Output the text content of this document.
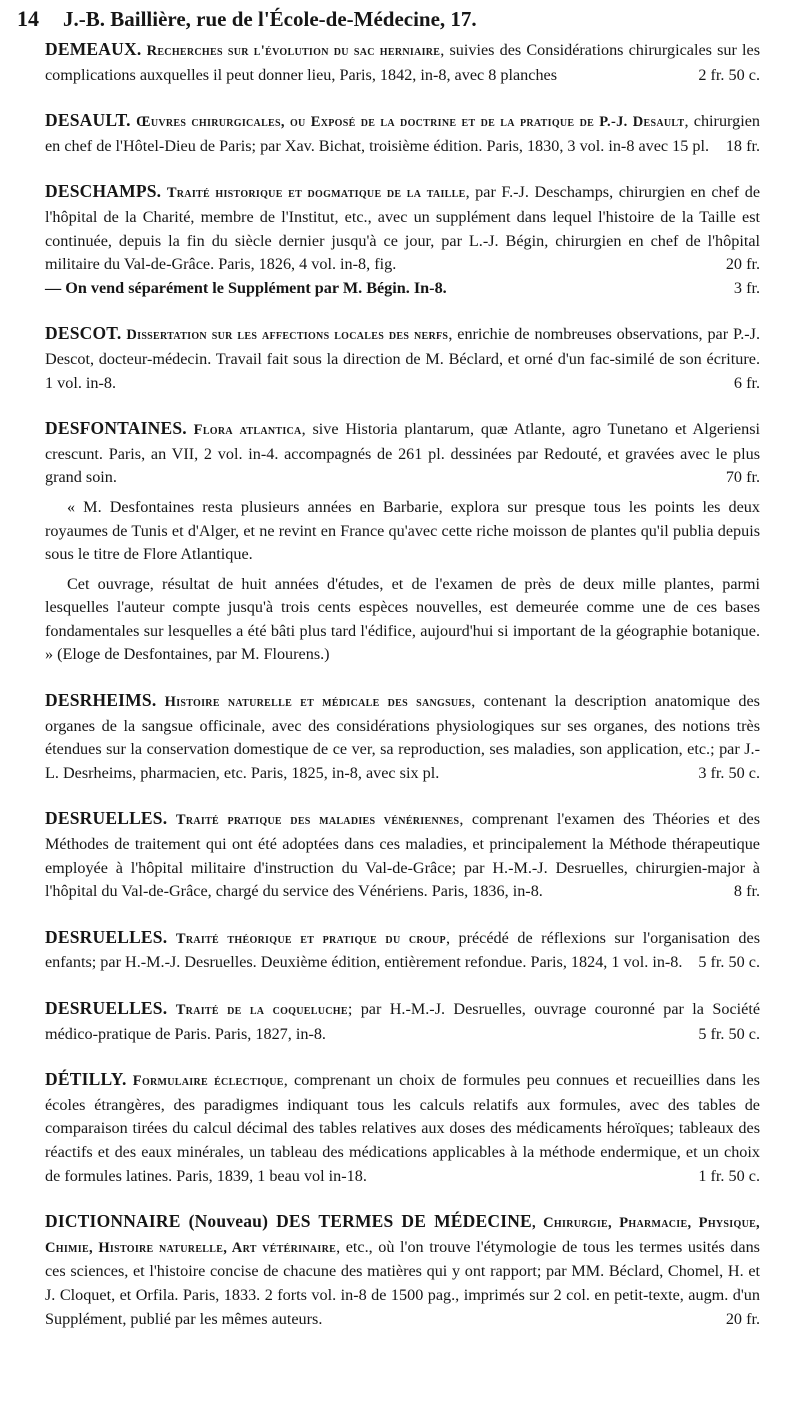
14 J.-B. Baillière, rue de l'École-de-Médecine, 17.
DEMEAUX. Recherches sur l'évolution du sac herniaire, suivies des Considérations chirurgicales sur les complications auxquelles il peut donner lieu, Paris, 1842, in-8, avec 8 planches	2 fr. 50 c.
DESAULT. Œuvres chirurgicales, ou Exposé de la doctrine et de la pratique de P.-J. Desault, chirurgien en chef de l'Hôtel-Dieu de Paris; par Xav. Bichat, troisième édition. Paris, 1830, 3 vol. in-8 avec 15 pl.	18 fr.

DESCHAMPS. Traité historique et dogmatique de la taille, par F.-J. Deschamps, chirurgien en chef de l'hôpital de la Charité, membre de l'Institut, etc., avec un supplément dans lequel l'histoire de la Taille est continuée, depuis la fin du siècle dernier jusqu'à ce jour, par L.-J. Bégin, chirurgien en chef de l'hôpital militaire du Val-de-Grâce. Paris, 1826, 4 vol. in-8, fig.	20 fr.

— On vend séparément le Supplément par M. Bégin. In-8.	3 fr.

DESCOT. Dissertation sur les affections locales des nerfs, enrichie de nombreuses observations, par P.-J. Descot, docteur-médecin. Travail fait sous la direction de M. Béclard, et orné d'un fac-similé de son écriture. 1 vol. in-8.	6 fr.

DESFONTAINES. Flora atlantica, sive Historia plantarum, quæ Atlante, agro Tunetano et Algeriensi crescunt. Paris, an VII, 2 vol. in-4. accompagnés de 261 pl. dessinées par Redouté, et gravées avec le plus grand soin.	70 fr.

« M. Desfontaines resta plusieurs années en Barbarie, explora sur presque tous les points les deux royaumes de Tunis et d'Alger, et ne revint en France qu'avec cette riche moisson de plantes qu'il publia depuis sous le titre de Flore Atlantique.

Cet ouvrage, résultat de huit années d'études, et de l'examen de près de deux mille plantes, parmi lesquelles l'auteur compte jusqu'à trois cents espèces nouvelles, est demeurée comme une de ces bases fondamentales sur lesquelles a été bâti plus tard l'édifice, aujourd'hui si important de la géographie botanique. » (Eloge de Desfontaines, par M. Flourens.)

DESRHEIMS. Histoire naturelle et médicale des sangsues, contenant la description anatomique des organes de la sangsue officinale, avec des considérations physiologiques sur ses organes, des notions très étendues sur la conservation domestique de ce ver, sa reproduction, ses maladies, son application, etc.; par J.-L. Desrheims, pharmacien, etc. Paris, 1825, in-8, avec six pl.	3 fr. 50 c.
DESRUELLES. Traité pratique des maladies vénériennes, comprenant l'examen des Théories et des Méthodes de traitement qui ont été adoptées dans ces maladies, et principalement la Méthode thérapeutique employée à l'hôpital militaire d'instruction du Val-de-Grâce; par H.-M.-J. Desruelles, chirurgien-major à l'hôpital du Val-de-Grâce, chargé du service des Vénériens. Paris, 1836, in-8.	8 fr.
DESRUELLES. Traité théorique et pratique du croup, précédé de réflexions sur l'organisation des enfants; par H.-M.-J. Desruelles. Deuxième édition, entièrement refondue. Paris, 1824, 1 vol. in-8. 5 fr. 50 c.
DESRUELLES. Traité de la coqueluche; par H.-M.-J. Desruelles, ouvrage couronné par la Société médico-pratique de Paris. Paris, 1827, in-8.	5 fr. 50 c.
DÉTILLY. Formulaire éclectique, comprenant un choix de formules peu connues et recueillies dans les écoles étrangères, des paradigmes indiquant tous les calculs relatifs aux formules, avec des tables de comparaison tirées du calcul décimal des tables relatives aux doses des médicaments héroïques; tableaux des réactifs et des eaux minérales, un tableau des médications applicables à la méthode endermique, et un choix de formules latines. Paris, 1839, 1 beau vol in-18.	1 fr. 50 c.
DICTIONNAIRE (Nouveau) DES TERMES DE MÉDECINE, Chirurgie, Pharmacie, Physique, Chimie, Histoire naturelle, Art vétérinaire, etc., où l'on trouve l'étymologie de tous les termes usités dans ces sciences, et l'histoire concise de chacune des matières qui y ont rapport; par MM. Béclard, Chomel, H. et J. Cloquet, et Orfila. Paris, 1833. 2 forts vol. in-8 de 1500 pag., imprimés sur 2 col. en petit-texte, augm. d'un Supplément, publié par les mêmes auteurs.	20 fr.
